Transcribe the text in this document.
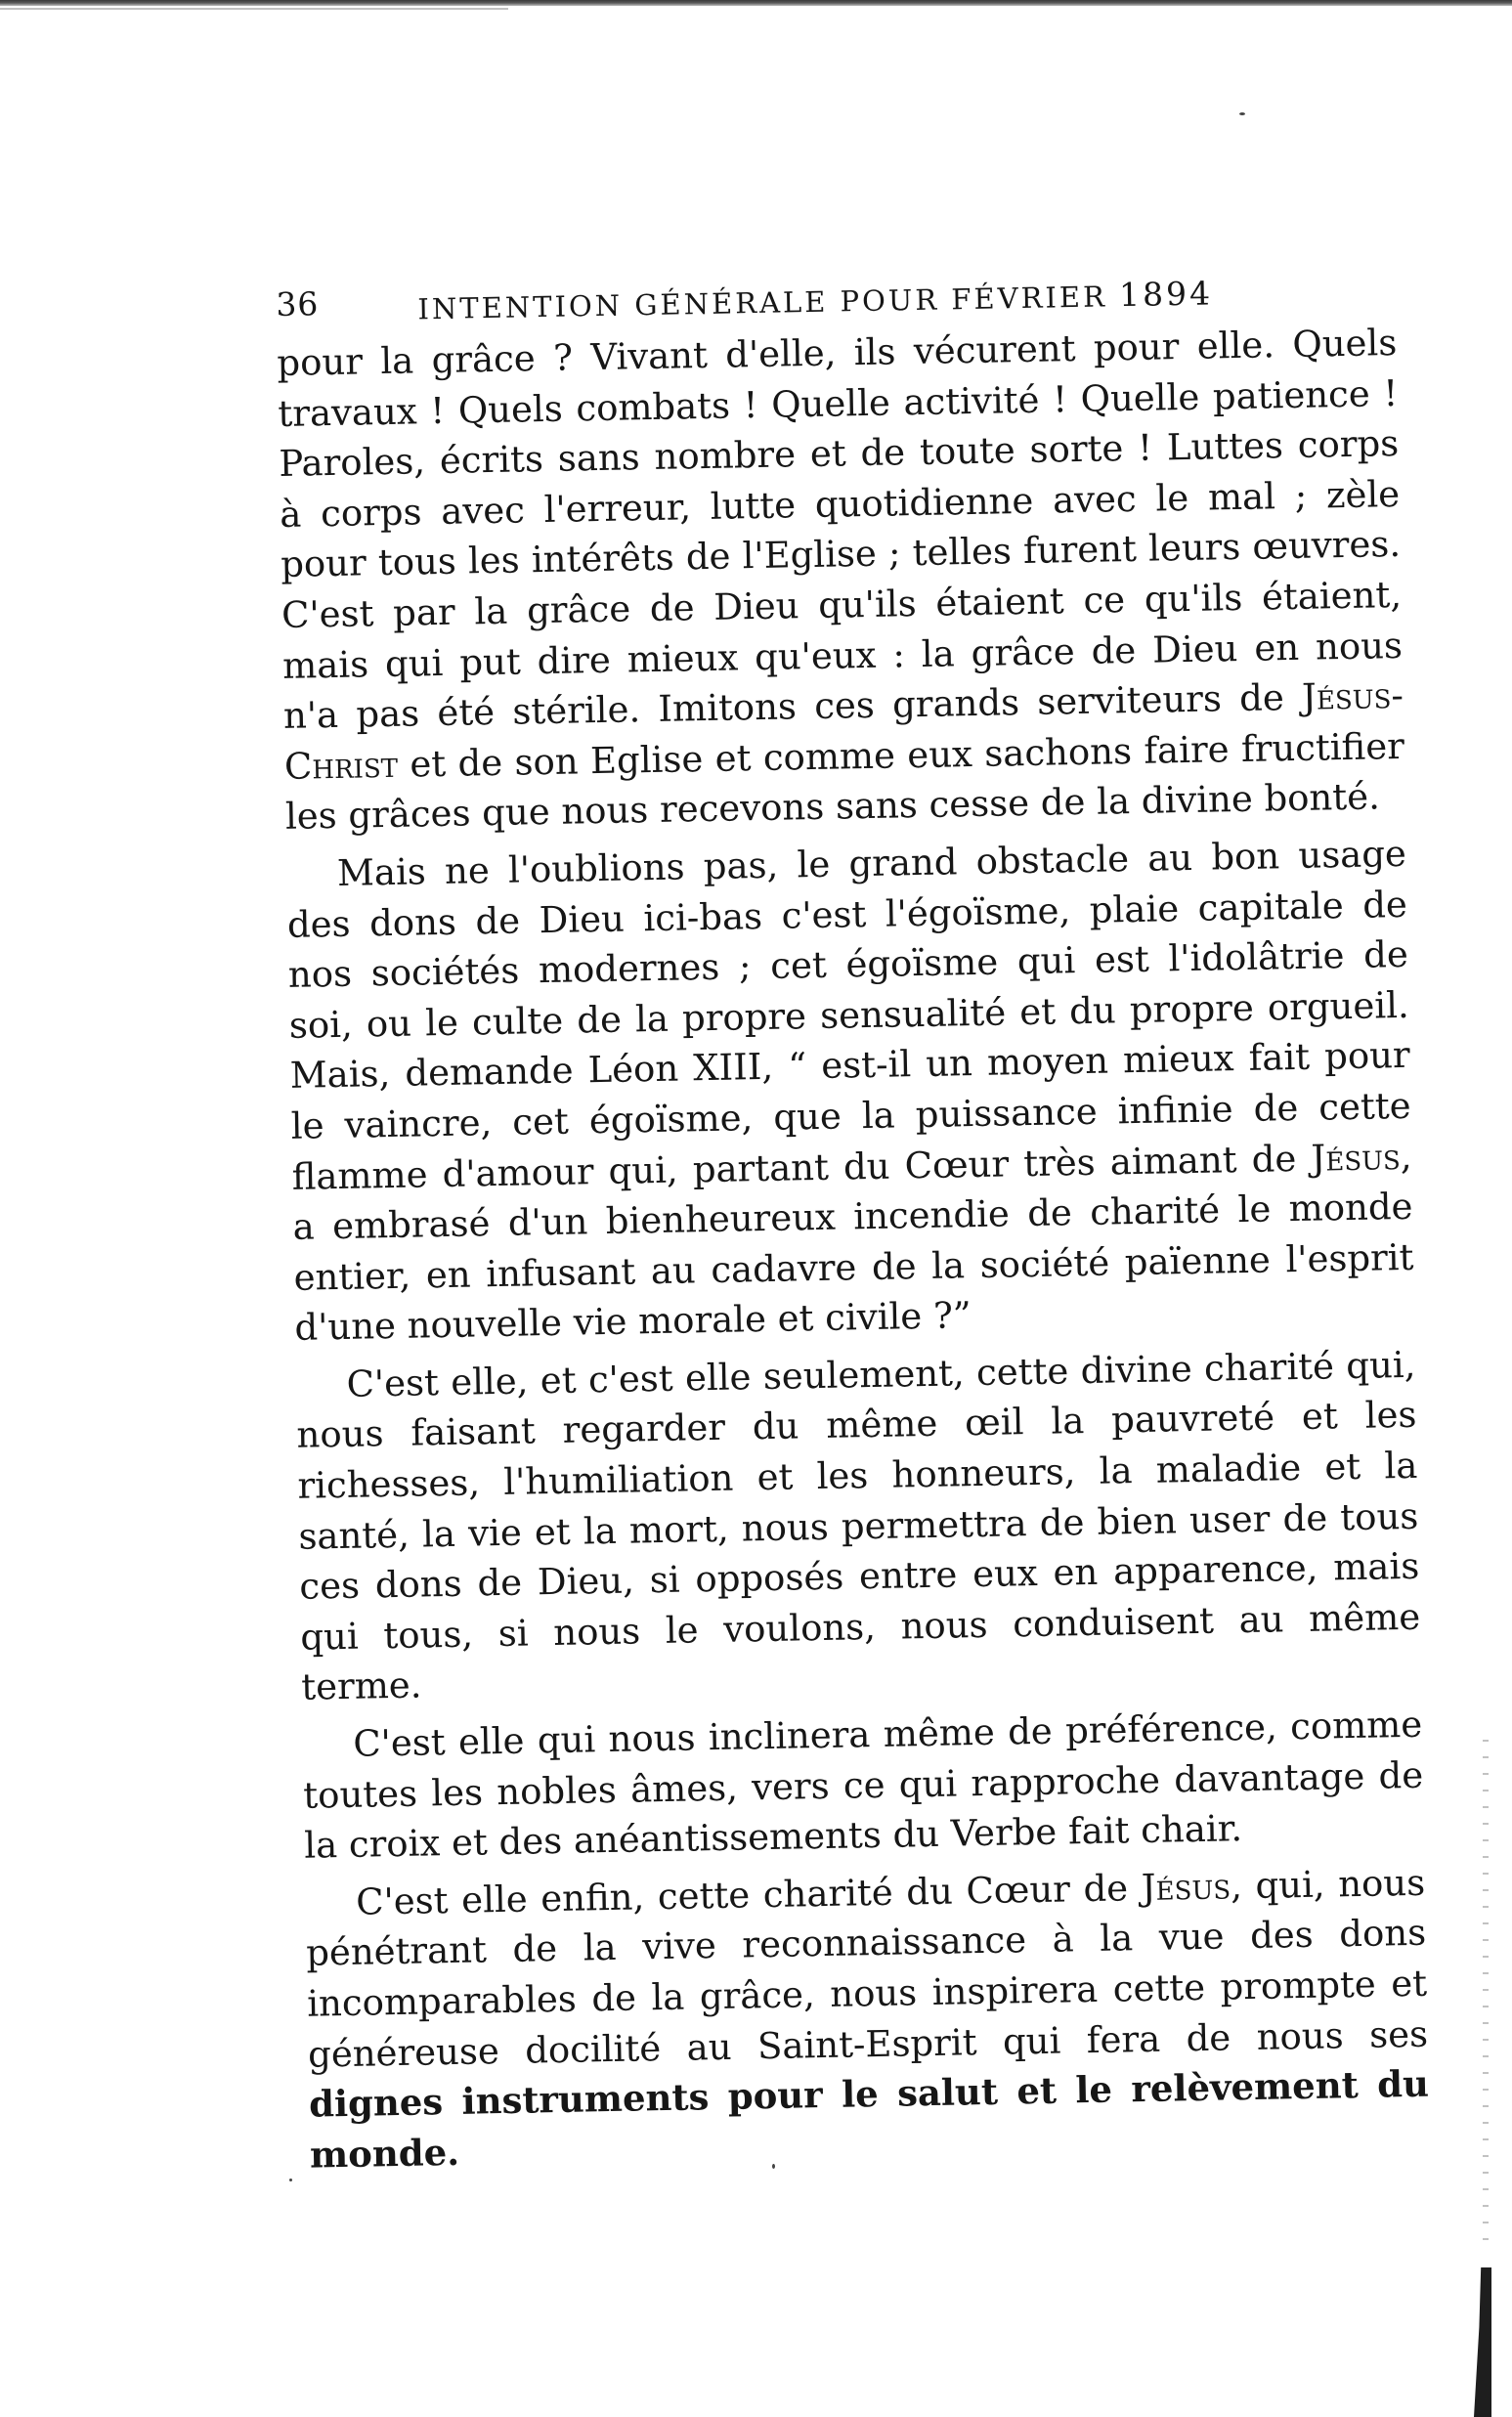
36	INTENTION GÉNÉRALE POUR FÉVRIER 1894

pour la grâce ? Vivant d'elle, ils vécurent pour elle. Quels travaux ! Quels combats ! Quelle activité ! Quelle patience ! Paroles, écrits sans nombre et de toute sorte ! Luttes corps à corps avec l'erreur, lutte quotidienne avec le mal ; zèle pour tous les intérêts de l'Eglise ; telles furent leurs œuvres. C'est par la grâce de Dieu qu'ils étaient ce qu'ils étaient, mais qui put dire mieux qu'eux : la grâce de Dieu en nous n'a pas été stérile. Imitons ces grands serviteurs de Jésus-Christ et de son Eglise et comme eux sachons faire fructifier les grâces que nous recevons sans cesse de la divine bonté.

Mais ne l'oublions pas, le grand obstacle au bon usage des dons de Dieu ici-bas c'est l'égoïsme, plaie capitale de nos sociétés modernes ; cet égoïsme qui est l'idolâtrie de soi, ou le culte de la propre sensualité et du propre orgueil. Mais, demande Léon XIII, “ est-il un moyen mieux fait pour le vaincre, cet égoïsme, que la puissance infinie de cette flamme d'amour qui, partant du Cœur très aimant de Jésus, a embrasé d'un bienheureux incendie de charité le monde entier, en infusant au cadavre de la société païenne l'esprit d'une nouvelle vie morale et civile ?”

C'est elle, et c'est elle seulement, cette divine charité qui, nous faisant regarder du même œil la pauvreté et les richesses, l'humiliation et les honneurs, la maladie et la santé, la vie et la mort, nous permettra de bien user de tous ces dons de Dieu, si opposés entre eux en apparence, mais qui tous, si nous le voulons, nous conduisent au même terme.

C'est elle qui nous inclinera même de préférence, comme toutes les nobles âmes, vers ce qui rapproche davantage de la croix et des anéantissements du Verbe fait chair.

C'est elle enfin, cette charité du Cœur de Jésus, qui, nous pénétrant de la vive reconnaissance à la vue des dons incomparables de la grâce, nous inspirera cette prompte et généreuse docilité au Saint-Esprit qui fera de nous ses dignes instruments pour le salut et le relèvement du monde.
